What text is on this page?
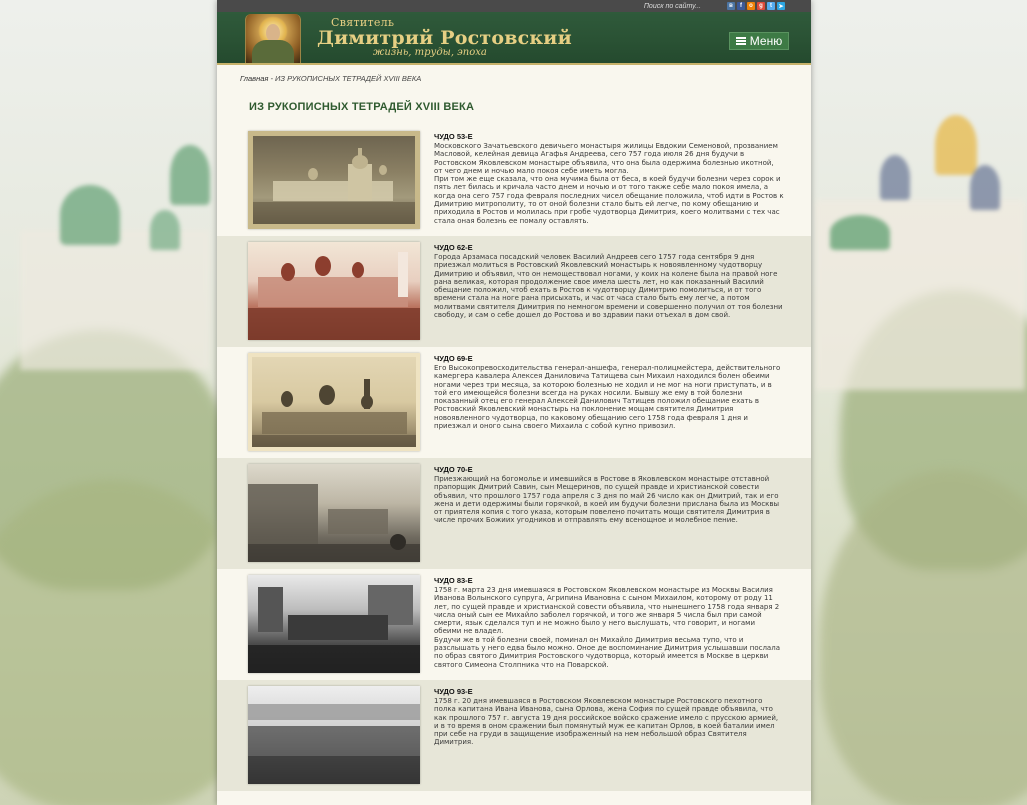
Поиск по сайту...	в	f	о	g	t	➤
Святитель
Димитрий Ростовский
жизнь, труды, эпоха
Меню
Главная - ИЗ РУКОПИСНЫХ ТЕТРАДЕЙ XVIII ВЕКА
ИЗ РУКОПИСНЫХ ТЕТРАДЕЙ XVIII ВЕКА
ЧУДО 53-Е
Московского Зачатьевского девичьего монастыря жилицы Евдокии Семеновой, прозванием Масловой, келейная девица Агафья Андреева, сего 757 года июля 26 дня будучи в Ростовском Яковлевском монастыре объявила, что она была одержима болезнью икотной, от чего днем и ночью мало покоя себе иметь могла.
При том же еще сказала, что она мучима была от беса, в коей будучи болезни через сорок и пять лет билась и кричала часто днем и ночью и от того также себе мало покоя имела, а когда она сего 757 года февраля последних чисел обещание положила, чтоб идти в Ростов к Димитрию митрополиту, то от оной болезни стало быть ей легче, по кому обещанию и приходила в Ростов и молилась при гробе чудотворца Димитрия, коего молитвами с тех час стала оная болезнь ее помалу оставлять.
ЧУДО 62-Е
Города Арзамаса посадский человек Василий Андреев сего 1757 года сентября 9 дня приезжал молиться в Ростовский Яковлевский монастырь к новоявленному чудотворцу Димитрию и объявил, что он немоществовал ногами, у коих на колене была на правой ноге рана великая, которая продолжение свое имела шесть лет, но как показанный Василий обещание положил, чтоб ехать в Ростов к чудотворцу Димитрию помолиться, и от того времени стала на ноге рана присыхать, и час от часа стало быть ему легче, а потом молитвами святителя Димитрия по немногом времени и совершенно получил от тоя болезни свободу, и сам о себе дошел до Ростова и во здравии паки отъехал в дом свой.
ЧУДО 69-Е
Его Высокопревосходительства генерал-аншефа, генерал-полицмейстера, действительного камергера кавалера Алексея Даниловича Татищева сын Михаил находился болен обеими ногами через три месяца, за которою болезнью не ходил и не мог на ноги приступать, и в той его имеющейся болезни всегда на руках носили. Бывшу же ему в той болезни показанный отец его генерал Алексей Данилович Татищев положил обещание ехать в Ростовский Яковлевский монастырь на поклонение мощам святителя Димитрия новоявленного чудотворца, по каковому обещанию сего 1758 года февраля 1 дня и приезжал и оного сына своего Михаила с собой купно привозил.
ЧУДО 70-Е
Приезжающий на богомолье и имевшийся в Ростове в Яковлевском монастыре отставной прапорщик Дмитрий Савин, сын Мещеринов, по сущей правде и христианской совести объявил, что прошлого 1757 года апреля с 3 дня по май 26 число как он Дмитрий, так и его жена и дети одержимы были горячкой, в коей им будучи болезни прислана была из Москвы от приятеля копия с того указа, которым повелено почитать мощи святителя Димитрия в числе прочих Божиих угодников и отправлять ему всенощное и молебное пение.
ЧУДО 83-Е
1758 г. марта 23 дня имевшаяся в Ростовском Яковлевском монастыре из Москвы Василия Иванова Волынского супруга, Агрипина Ивановна с сыном Михаилом, которому от роду 11 лет, по сущей правде и христианской совести объявила, что нынешнего 1758 года января 2 числа оный сын ее Михайло заболел горячкой, и того же января 5 числа был при самой смерти, язык сделался туп и не можно было у него выслушать, что говорит, и ногами обеими не владел.
Будучи же в той болезни своей, поминал он Михайло Димитрия весьма тупо, что и разслышать у него едва было можно. Оное де воспоминание Димитрия услышавши послала по образ святого Димитрия Ростовского чудотворца, который имеется в Москве в церкви святого Симеона Столпника что на Поварской.
ЧУДО 93-Е
1758 г. 20 дня имевшаяся в Ростовском Яковлевском монастыре Ростовского пехотного полка капитана Ивана Иванова, сына Орлова, жена София по сущей правде объявила, что как прошлого 757 г. августа 19 дня российское войско сражение имело с прусскою армией, и в то время в оном сражении был помянутый муж ее капитан Орлов, в коей баталии имел при себе на груди в защищение изображенный на нем небольшой образ Святителя Димитрия.
